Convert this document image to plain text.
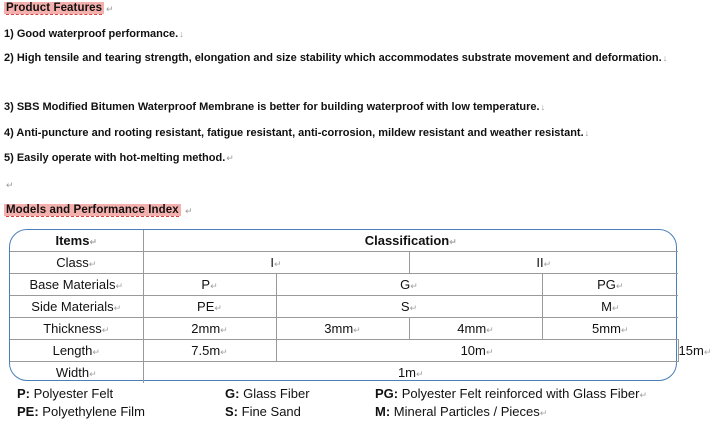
Product Features ↵
1) Good waterproof performance.↓
2) High tensile and tearing strength, elongation and size stability which accommodates substrate movement and deformation.↓
3) SBS Modified Bitumen Waterproof Membrane is better for building waterproof with low temperature.↓
4) Anti-puncture and rooting resistant, fatigue resistant, anti-corrosion, mildew resistant and weather resistant.↓
5) Easily operate with hot-melting method.↵
↵
Models and Performance Index ↵
Items↵	Classification↵				
Class↵	I↵		II↵		
Base Materials↵	P↵	G↵		PG↵	
Side Materials↵	PE↵	S↵		M↵	
Thickness↵	2mm↵	3mm↵	4mm↵	5mm↵	
Length↵	7.5m↵	10m↵			15m↵
Width↵	1m↵				
P: Polyester Felt	G: Glass Fiber	PG: Polyester Felt reinforced with Glass Fiber↵
PE: Polyethylene Film	S: Fine Sand	M: Mineral Particles / Pieces↵
